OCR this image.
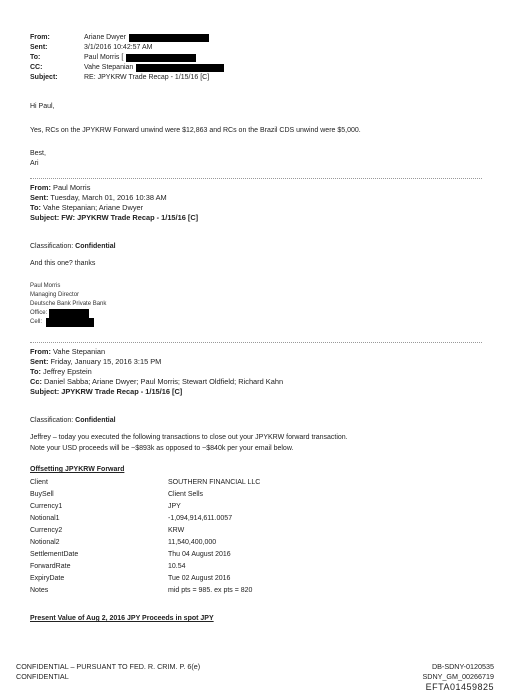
From:	Ariane Dwyer
Sent:	3/1/2016 10:42:57 AM
To:	Paul Morris [
CC:	Vahe Stepanian
Subject:	RE: JPYKRW Trade Recap - 1/15/16 [C]
Hi Paul,
Yes, RCs on the JPYKRW Forward unwind were $12,863 and RCs on the Brazil CDS unwind were $5,000.
Best,
Ari
From: Paul Morris
Sent: Tuesday, March 01, 2016 10:38 AM
To: Vahe Stepanian; Ariane Dwyer
Subject: FW: JPYKRW Trade Recap - 1/15/16 [C]
Classification: Confidential
And this one? thanks
Paul Morris
Managing Director
Deutsche Bank Private Bank
Office:
Cell:
From: Vahe Stepanian
Sent: Friday, January 15, 2016 3:15 PM
To: Jeffrey Epstein
Cc: Daniel Sabba; Ariane Dwyer; Paul Morris; Stewart Oldfield; Richard Kahn
Subject: JPYKRW Trade Recap - 1/15/16 [C]
Classification: Confidential
Jeffrey – today you executed the following transactions to close out your JPYKRW forward transaction.
Note your USD proceeds will be ~$893k as opposed to ~$840k per your email below.
Offsetting JPYKRW Forward
Client	SOUTHERN FINANCIAL LLC
BuySell	Client Sells
Currency1	JPY
Notional1	-1,094,914,611.0057
Currency2	KRW
Notional2	11,540,400,000
SettlementDate	Thu 04 August 2016
ForwardRate	10.54
ExpiryDate	Tue 02 August 2016
Notes	mid pts = 985. ex pts = 820
Present Value of Aug 2, 2016 JPY Proceeds in spot JPY
CONFIDENTIAL – PURSUANT TO FED. R. CRIM. P. 6(e)
CONFIDENTIAL
DB-SDNY-0120535
SDNY_GM_00266719
EFTA01459825
